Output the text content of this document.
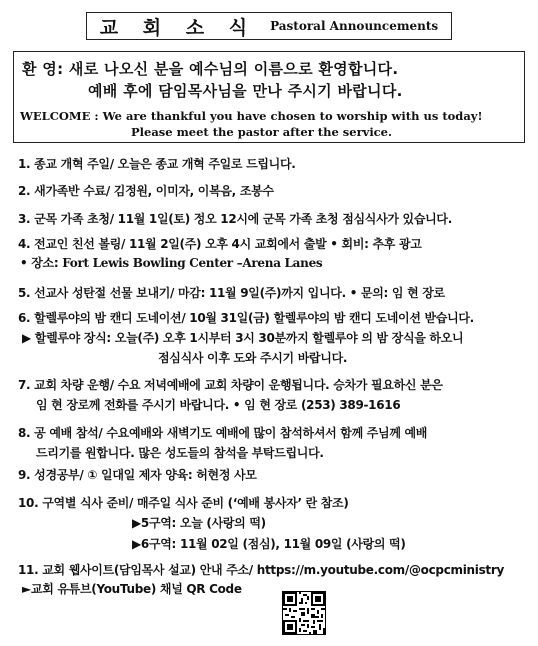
교 회 소 식 Pastoral Announcements
환 영: 새로 나오신 분을 예수님의 이름으로 환영합니다.
예배 후에 담임목사님을 만나 주시기 바랍니다.
WELCOME : We are thankful you have chosen to worship with us today!
Please meet the pastor after the service.
1. 종교 개혁 주일/ 오늘은 종교 개혁 주일로 드립니다.
2. 새가족반 수료/ 김정원, 이미자, 이복음, 조봉수
3. 군목 가족 초청/ 11월 1일(토) 정오 12시에 군목 가족 초청 점심식사가 있습니다.
4. 전교인 친선 볼링/ 11월 2일(주) 오후 4시 교회에서 출발 • 회비: 추후 광고
• 장소: Fort Lewis Bowling Center –Arena Lanes
5. 선교사 성탄절 선물 보내기/ 마감: 11월 9일(주)까지 입니다. • 문의: 임 현 장로
6. 할렐루야의 밤 캔디 도네이션/ 10월 31일(금) 할렐루야의 밤 캔디 도네이션 받습니다.
▶ 할렐루야 장식: 오늘(주) 오후 1시부터 3시 30분까지 할렐루야 의 밤 장식을 하오니
점심식사 이후 도와 주시기 바랍니다.
7. 교회 차량 운행/ 수요 저녁예배에 교회 차량이 운행됩니다. 승차가 필요하신 분은
임 현 장로께 전화를 주시기 바랍니다. • 임 현 장로 (253) 389-1616
8. 공 예배 참석/ 수요예배와 새벽기도 예배에 많이 참석하셔서 함께 주님께 예배
드리기를 원합니다. 많은 성도들의 참석을 부탁드립니다.
9. 성경공부/ ① 일대일 제자 양육: 허현정 사모
10. 구역별 식사 준비/ 매주일 식사 준비 (‘예배 봉사자’ 란 참조)
▶5구역: 오늘 (사랑의 떡)
▶6구역: 11월 02일 (점심), 11월 09일 (사랑의 떡)
11. 교회 웹사이트(담임목사 설교) 안내 주소/ https://m.youtube.com/@ocpcministry
►교회 유튜브(YouTube) 채널 QR Code
